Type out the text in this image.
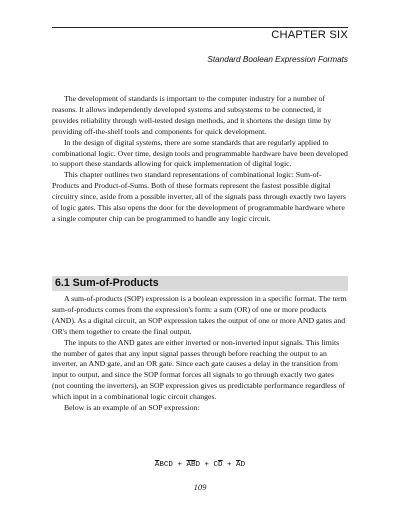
CHAPTER SIX
Standard Boolean Expression Formats

The development of standards is important to the computer industry for a number of reasons. It allows independently developed systems and subsystems to be connected, it provides reliability through well-tested design methods, and it shortens the design time by providing off-the-shelf tools and components for quick development.

In the design of digital systems, there are some standards that are regularly applied to combinational logic. Over time, design tools and programmable hardware have been developed to support these standards allowing for quick implementation of digital logic.

This chapter outlines two standard representations of combinational logic: Sum-of-Products and Product-of-Sums. Both of these formats represent the fastest possible digital circuitry since, aside from a possible inverter, all of the signals pass through exactly two layers of logic gates. This also opens the door for the development of programmable hardware where a single computer chip can be programmed to handle any logic circuit.

6.1 Sum-of-Products

A sum-of-products (SOP) expression is a boolean expression in a specific format. The term sum-of-products comes from the expression's form: a sum (OR) of one or more products (AND). As a digital circuit, an SOP expression takes the output of one or more AND gates and OR's them together to create the final output.

The inputs to the AND gates are either inverted or non-inverted input signals. This limits the number of gates that any input signal passes through before reaching the output to an inverter, an AND gate, and an OR gate. Since each gate causes a delay in the transition from input to output, and since the SOP format forces all signals to go through exactly two gates (not counting the inverters), an SOP expression gives us predictable performance regardless of which input in a combinational logic circuit changes.

Below is an example of an SOP expression:

$\overline{A}BCD + \overline{AB}D + C\overline{D} + \overline{A}D$
109
